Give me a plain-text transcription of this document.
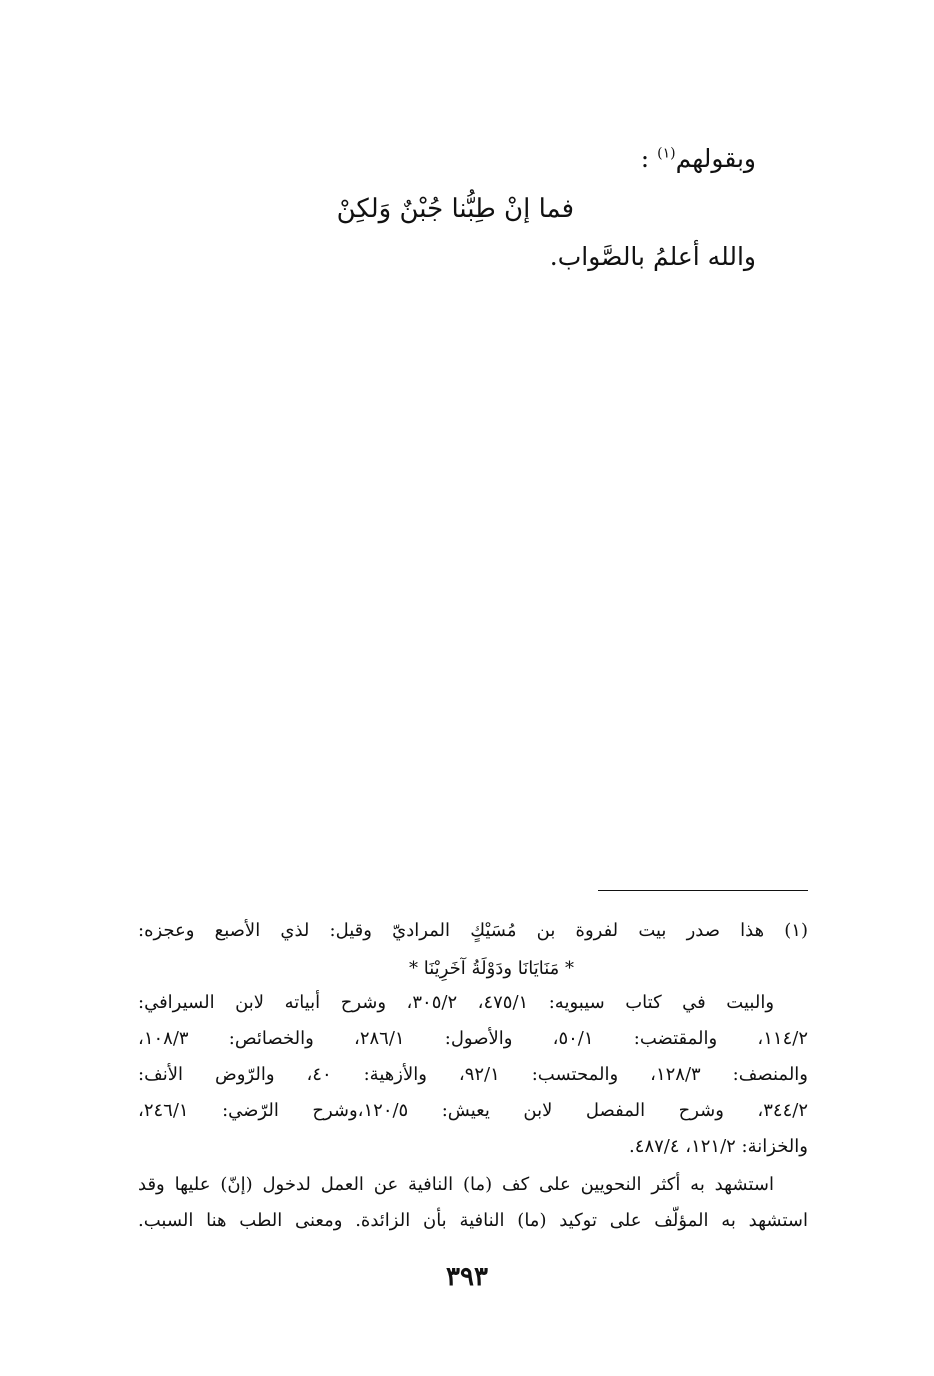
وبقولهم$^{(١)}$ :
فما إنْ طِبُّنا جُبْنٌ وَلكِنْ
والله أعلمُ بالصَّواب.
(١) هذا صدر بيت لفروة بن مُسَيْكٍ المراديّ وقيل: لذي الأصبع وعجزه:
* مَنَايَانَا ودَوْلَةُ آخَرِيْنَا *
والبيت في كتاب سيبويه: ٤٧٥/١، ٣٠٥/٢، وشرح أبياته لابن السيرافي:
١١٤/٢، والمقتضب: ٥٠/١، والأصول: ٢٨٦/١، والخصائص: ١٠٨/٣،
والمنصف: ١٢٨/٣، والمحتسب: ٩٢/١، والأزهية: ٤٠، والرّوض الأنف:
٣٤٤/٢، وشرح المفصل لابن يعيش: ١٢٠/٥،وشرح الرّضي: ٢٤٦/١،
والخزانة: ١٢١/٢، ٤٨٧/٤.
استشهد به أكثر النحويين على كف (ما) النافية عن العمل لدخول (إنّ) عليها وقد
استشهد به المؤلّف على توكيد (ما) النافية بأن الزائدة. ومعنى الطب هنا السبب.
٣٩٣
